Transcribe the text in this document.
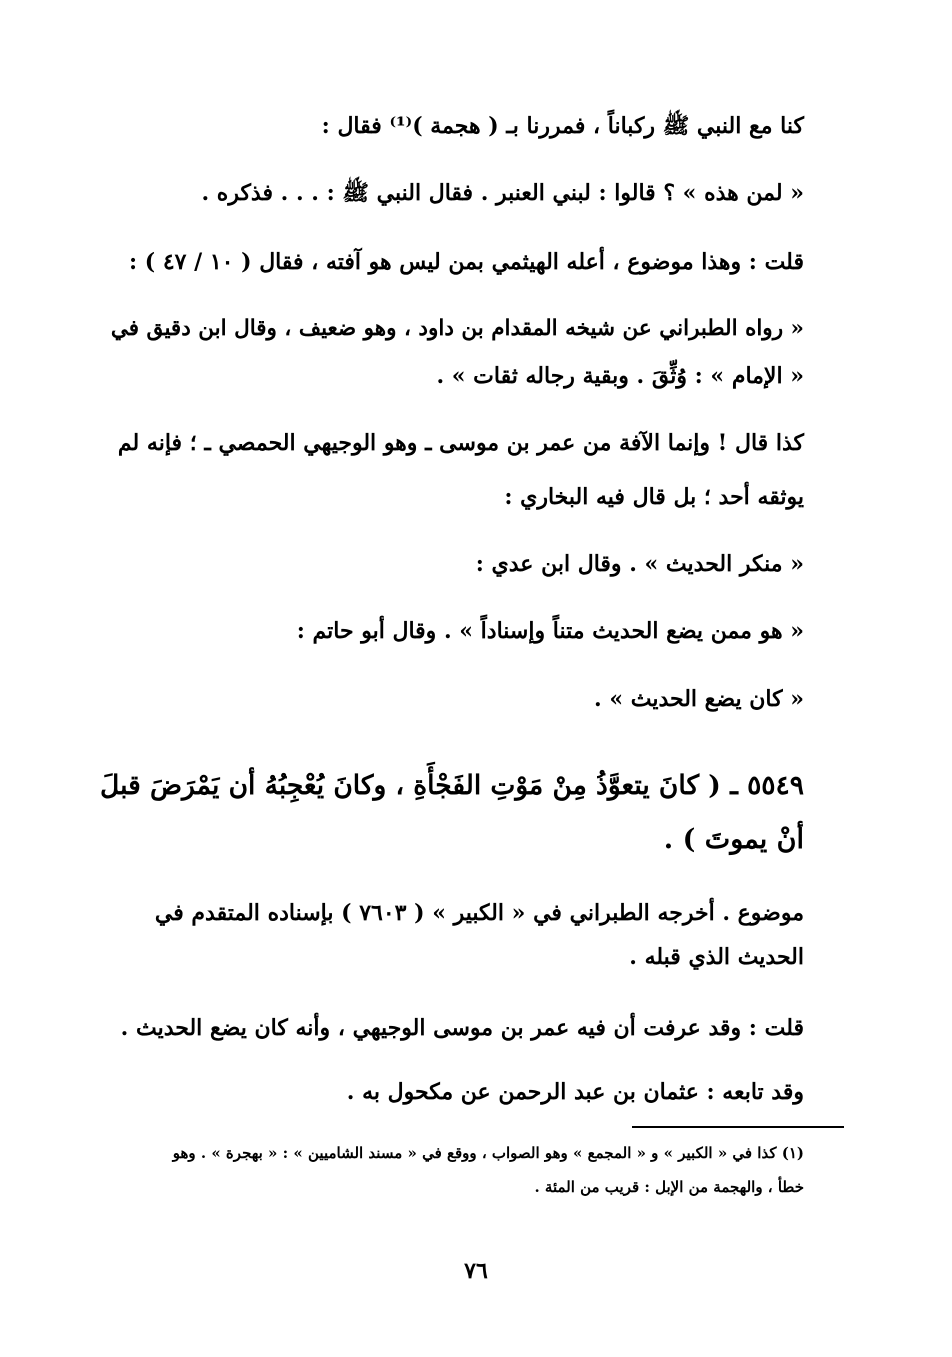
كنا مع النبي ﷺ ركباناً ، فمررنا بـ ( هجمة )⁽¹⁾ فقال :
« لمن هذه » ؟ قالوا : لبني العنبر . فقال النبي ﷺ : . . . فذكره .
قلت : وهذا موضوع ، أعله الهيثمي بمن ليس هو آفته ، فقال ( ١٠ / ٤٧ ) :
« رواه الطبراني عن شيخه المقدام بن داود ، وهو ضعيف ، وقال ابن دقيق في
« الإمام » : وُثِّقَ . وبقية رجاله ثقات » .
كذا قال ! وإنما الآفة من عمر بن موسى ـ وهو الوجيهي الحمصي ـ ؛ فإنه لم
يوثقه أحد ؛ بل قال فيه البخاري :
« منكر الحديث » . وقال ابن عدي :
« هو ممن يضع الحديث متناً وإسناداً » . وقال أبو حاتم :
« كان يضع الحديث » .
٥٥٤٩ ـ ( كانَ يتعوَّذُ مِنْ مَوْتِ الفَجْأَةِ ، وكانَ يُعْجِبُهُ أن يَمْرَضَ قبلَ
أنْ يموتَ ) .
موضوع . أخرجه الطبراني في « الكبير » ( ٧٦٠٣ ) بإسناده المتقدم في
الحديث الذي قبله .
قلت : وقد عرفت أن فيه عمر بن موسى الوجيهي ، وأنه كان يضع الحديث .
وقد تابعه : عثمان بن عبد الرحمن عن مكحول به .
(١) كذا في « الكبير » و « المجمع » وهو الصواب ، ووقع في « مسند الشاميين » : « بهجرة » . وهو
خطأ ، والهجمة من الإبل : قريب من المئة .
٧٦
